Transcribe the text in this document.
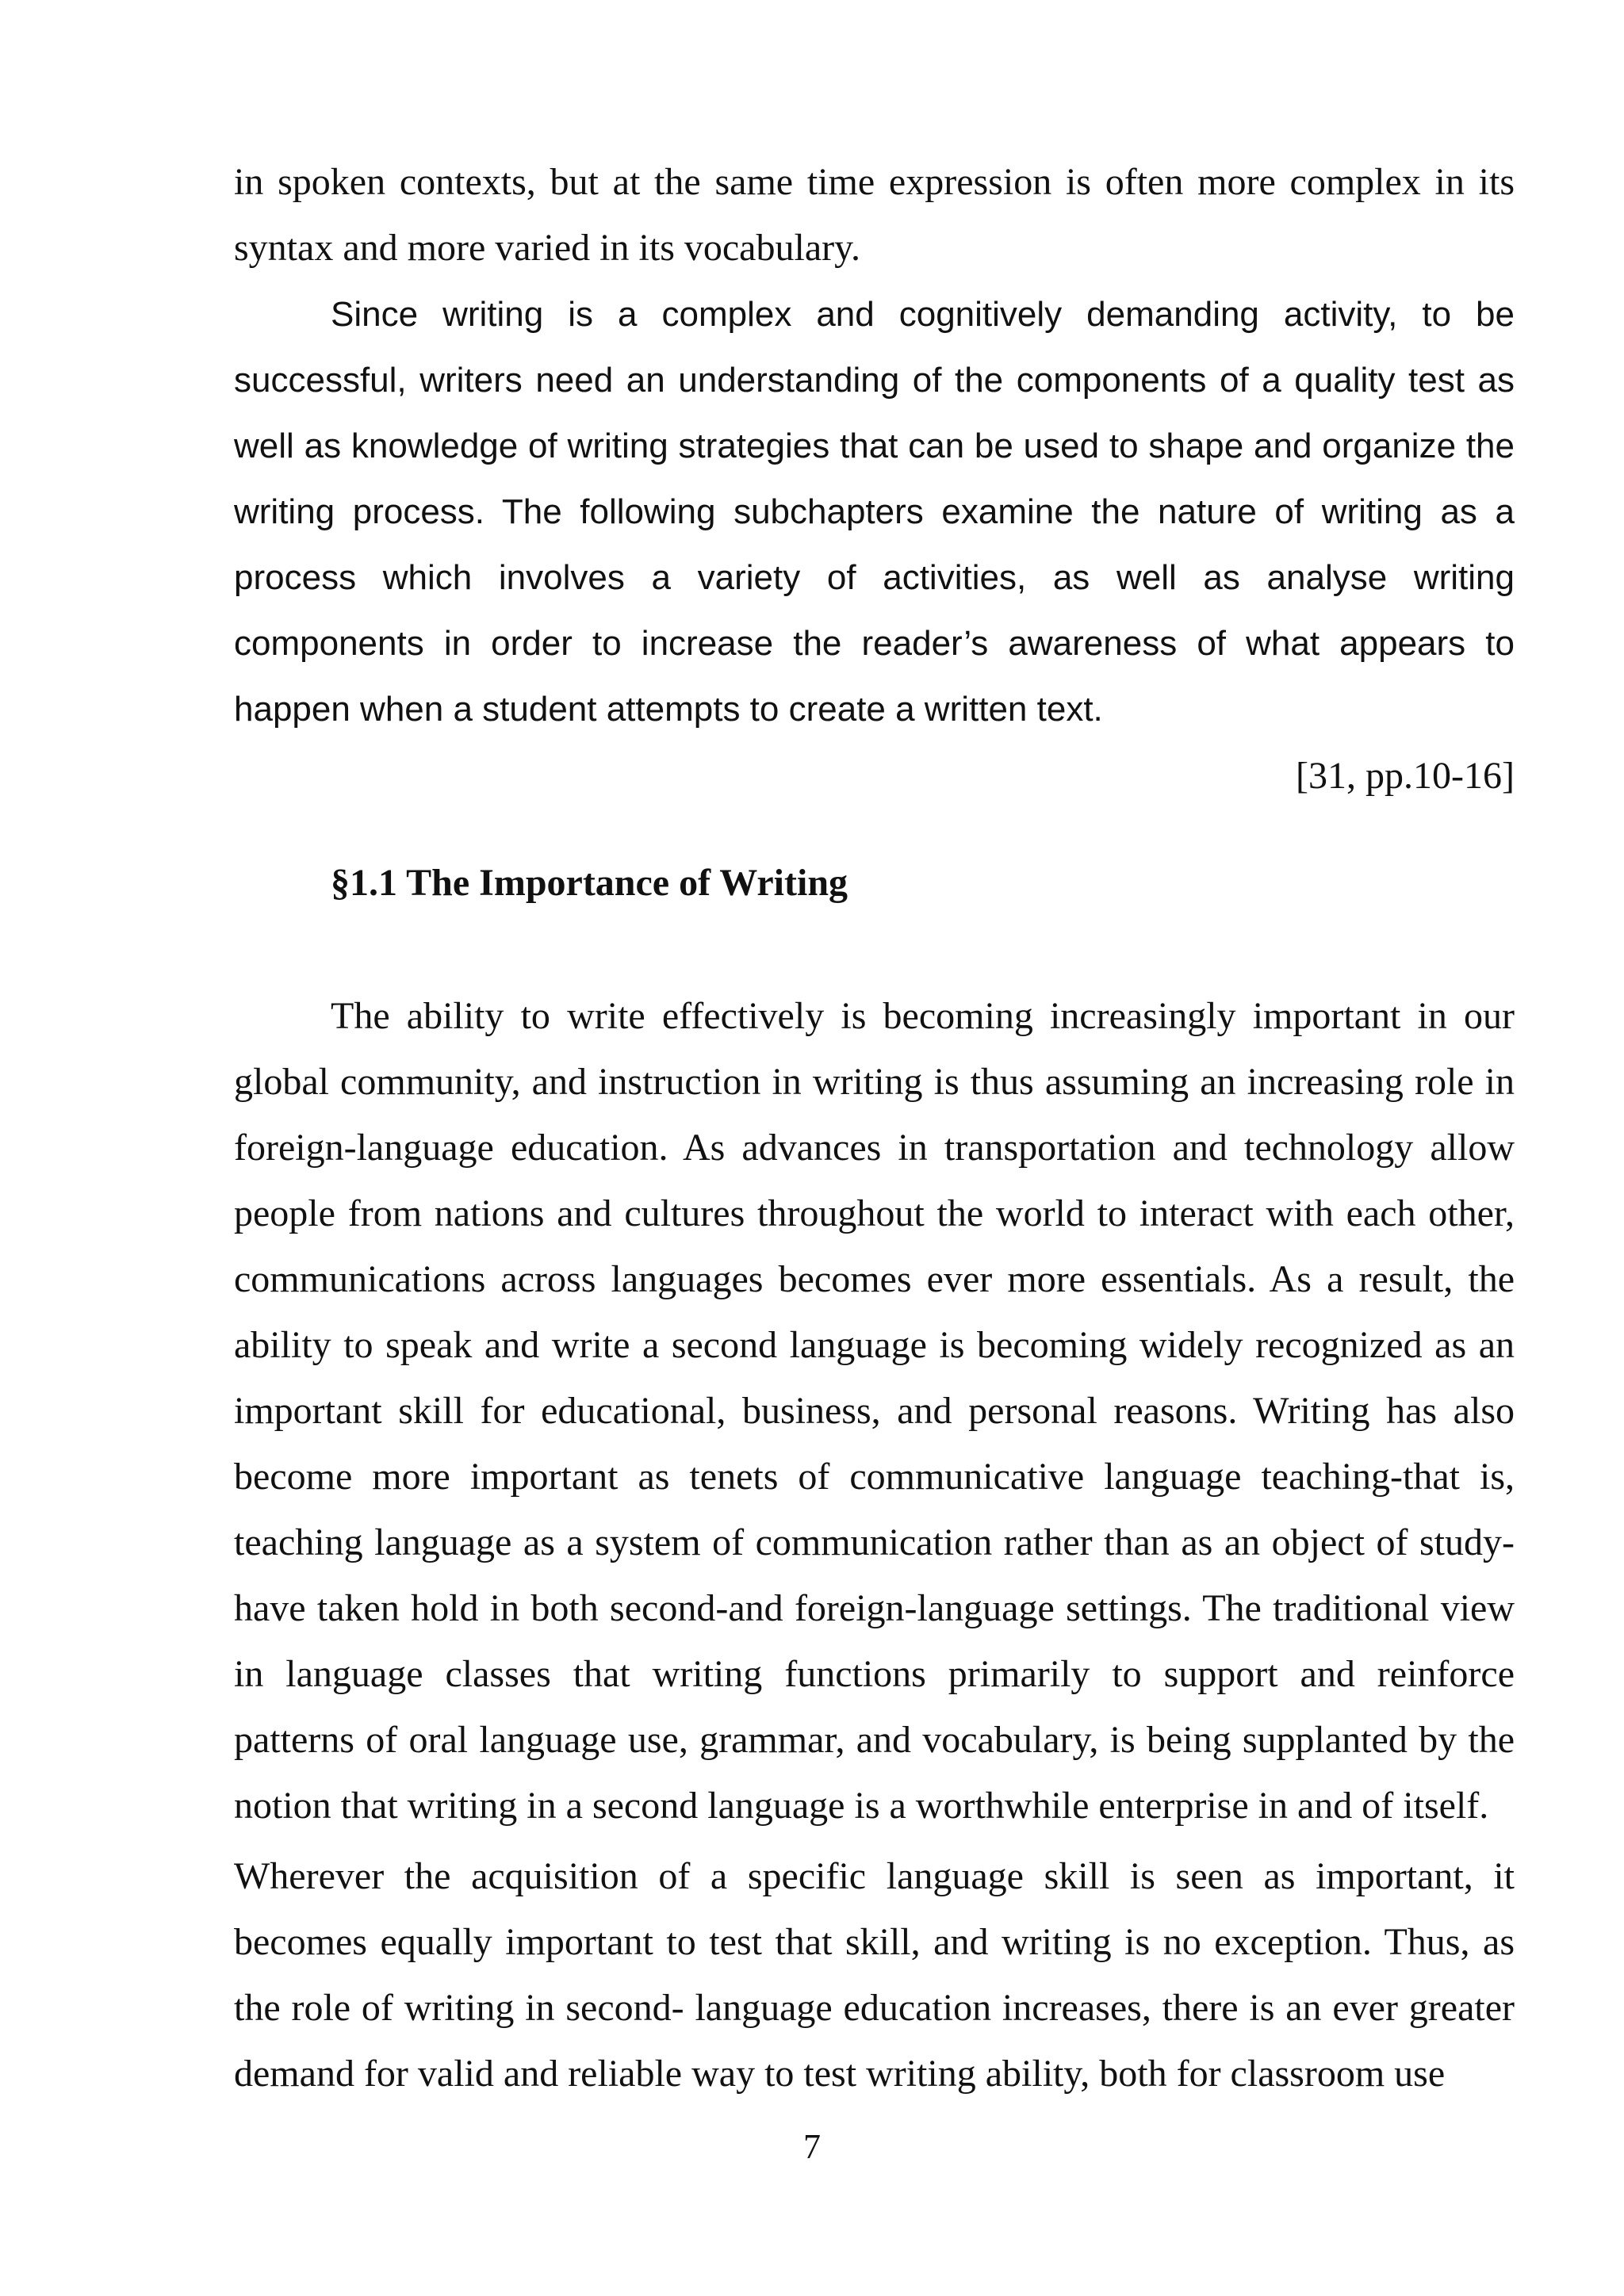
in spoken contexts, but at the same time expression is often more complex in its syntax and more varied in its vocabulary.

Since writing is a complex and cognitively demanding activity, to be successful, writers need an understanding of the components of a quality test as well as knowledge of writing strategies that can be used to shape and organize the writing process. The following subchapters examine the nature of writing as a process which involves a variety of activities, as well as analyse writing components in order to increase the reader’s awareness of what appears to happen when a student attempts to create a written text.

[31, pp.10-16]
§1.1 The Importance of Writing

The ability to write effectively is becoming increasingly important in our global community, and instruction in writing is thus assuming an increasing role in foreign-language education. As advances in transportation and technology allow people from nations and cultures throughout the world to interact with each other, communications across languages becomes ever more essentials. As a result, the ability to speak and write a second language is becoming widely recognized as an important skill for educational, business, and personal reasons. Writing has also become more important as tenets of communicative language teaching-that is, teaching language as a system of communication rather than as an object of study-have taken hold in both second-and foreign-language settings. The traditional view in language classes that writing functions primarily to support and reinforce patterns of oral language use, grammar, and vocabulary, is being supplanted by the notion that writing in a second language is a worthwhile enterprise in and of itself.

Wherever the acquisition of a specific language skill is seen as important, it becomes equally important to test that skill, and writing is no exception. Thus, as the role of writing in second- language education increases, there is an ever greater demand for valid and reliable way to test writing ability, both for classroom use

7
